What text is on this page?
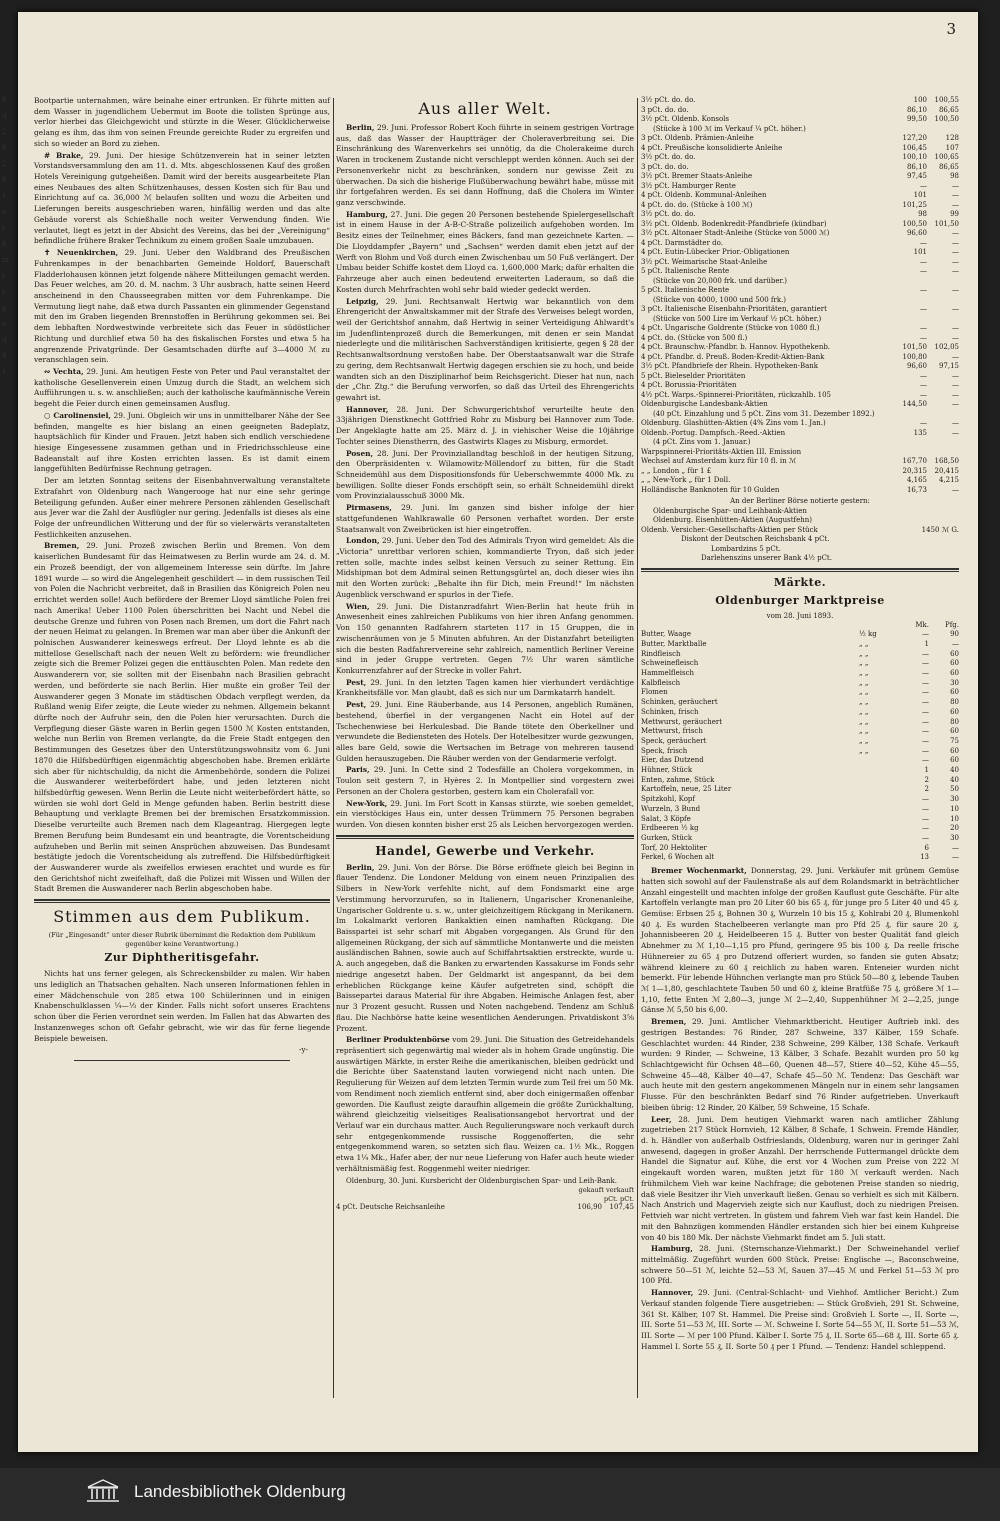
3
8
d
2
8
2
8
1
e
t
h
m
i
r
g
u
d
9
1

Bootpartie unternahmen, wäre beinahe einer ertrunken. Er führte mitten auf dem Wasser in jugendlichem Uebermut im Boote die tollsten Sprünge aus, verlor hierbei das Gleichgewicht und stürzte in die Weser. Glücklicherweise gelang es ihm, das ihm von seinen Freunde gereichte Ruder zu ergreifen und sich so wieder an Bord zu ziehen.

# Brake, 29. Juni. Der hiesige Schützenverein hat in seiner letzten Vorstandsversammlung den am 11. d. Mts. abgeschlossenen Kauf des großen Hotels Vereinigung gutgeheißen. Damit wird der bereits ausgearbeitete Plan eines Neubaues des alten Schützenhauses, dessen Kosten sich für Bau und Einrichtung auf ca. 36,000 ℳ belaufen sollten und wozu die Arbeiten und Lieferungen bereits ausgeschrieben waren, hinfällig werden und das alte Gebäude vorerst als Schießhalle noch weiter Verwendung finden. Wie verlautet, liegt es jetzt in der Absicht des Vereins, das bei der „Vereinigung“ befindliche frühere Braker Technikum zu einem großen Saale umzubauen.

✝ Neuenkirchen, 29. Juni. Ueber den Waldbrand des Preußischen Fuhrenkampes in der benachbarten Gemeinde Holdorf, Bauerschaft Fladderlohausen können jetzt folgende nähere Mitteilungen gemacht werden. Das Feuer welches, am 20. d. M. nachm. 3 Uhr ausbrach, hatte seinen Heerd anscheinend in den Chausseegraben mitten vor dem Fuhrenkampe. Die Vermutung liegt nahe, daß etwa durch Passanten ein glimmender Gegenstand mit den im Graben liegenden Brennstoffen in Berührung gekommen sei. Bei dem lebhaften Nordwestwinde verbreitete sich das Feuer in südöstlicher Richtung und durchlief etwa 50 ha des fiskalischen Forstes und etwa 5 ha angrenzende Privatgründe. Der Gesamtschaden dürfte auf 3—4000 ℳ zu veranschlagen sein.

∾ Vechta, 29. Juni. Am heutigen Feste von Peter und Paul veranstaltet der katholische Gesellenverein einen Umzug durch die Stadt, an welchem sich Aufführungen u. s. w. anschließen; auch der katholische kaufmännische Verein begeht die Feier durch einen gemeinsamen Ausflug.

○ Carolinensiel, 29. Juni. Obgleich wir uns in unmittelbarer Nähe der See befinden, mangelte es hier bislang an einen geeigneten Badeplatz, hauptsächlich für Kinder und Frauen. Jetzt haben sich endlich verschiedene hiesige Eingesessene zusammen gethan und in Friedrichsschleuse eine Badeanstalt auf ihre Kosten errichten lassen. Es ist damit einem langgefühlten Bedürfnisse Rechnung getragen.

Der am letzten Sonntag seitens der Eisenbahnverwaltung veranstaltete Extrafahrt von Oldenburg nach Wangerooge hat nur eine sehr geringe Beteiligung gefunden. Außer einer mehrere Personen zählenden Gesellschaft aus Jever war die Zahl der Ausflügler nur gering. Jedenfalls ist dieses als eine Folge der unfreundlichen Witterung und der für so vielerwärts veranstalteten Festlichkeiten anzusehen.

Bremen, 29. Juni. Prozeß zwischen Berlin und Bremen. Von dem kaiserlichen Bundesamt für das Heimatwesen zu Berlin wurde am 24. d. M. ein Prozeß beendigt, der von allgemeinem Interesse sein dürfte. Im Jahre 1891 wurde — so wird die Angelegenheit geschildert — in dem russischen Teil von Polen die Nachricht verbreitet, daß in Brasilien das Königreich Polen neu errichtet werden solle! Auch befördere der Bremer Lloyd sämtliche Polen frei nach Amerika! Ueber 1100 Polen überschritten bei Nacht und Nebel die deutsche Grenze und fuhren von Posen nach Bremen, um dort die Fahrt nach der neuen Heimat zu gelangen. In Bremen war man aber über die Ankunft der polnischen Auswanderer keineswegs erfreut. Der Lloyd lehnte es ab die mittellose Gesellschaft nach der neuen Welt zu befördern: wie freundlicher zeigte sich die Bremer Polizei gegen die enttäuschten Polen. Man redete den Auswanderern vor, sie sollten mit der Eisenbahn nach Brasilien gebracht werden, und beförderte sie nach Berlin. Hier mußte ein großer Teil der Auswanderer gegen 3 Monate im städtischen Obdach verpflegt werden, da Rußland wenig Eifer zeigte, die Leute wieder zu nehmen. Allgemein bekannt dürfte noch der Aufruhr sein, den die Polen hier verursachten. Durch die Verpflegung dieser Gäste waren in Berlin gegen 1500 ℳ Kosten entstanden, welche nun Berlin von Bremen verlangte, da die Freie Stadt entgegen den Bestimmungen des Gesetzes über den Unterstützungswohnsitz vom 6. Juni 1870 die Hilfsbedürftigen eigenmächtig abgeschoben habe. Bremen erklärte sich aber für nichtschuldig, da nicht die Armenbehörde, sondern die Polizei die Auswanderer weiterbefördert habe, und jeden letzteren nicht hilfsbedürftig gewesen. Wenn Berlin die Leute nicht weiterbefördert hätte, so würden sie wohl dort Geld in Menge gefunden haben. Berlin bestritt diese Behauptung und verklagte Bremen bei der bremischen Ersatzkommission. Dieselbe verurteilte auch Bremen nach dem Klageantrag. Hiergegen legte Bremen Berufung beim Bundesamt ein und beantragte, die Vorentscheidung aufzuheben und Berlin mit seinen Ansprüchen abzuweisen. Das Bundesamt bestätigte jedoch die Vorentscheidung als zutreffend. Die Hilfsbedürftigkeit der Auswanderer wurde als zweifellos erwiesen erachtet und wurde es für den Gerichtshof nicht zweifelhaft, daß die Polizei mit Wissen und Willen der Stadt Bremen die Auswanderer nach Berlin abgeschoben habe.

Stimmen aus dem Publikum.
(Für „Eingesandt“ unter dieser Rubrik übernimmt die Redaktion dem Publikum gegenüber keine Verantwortung.)
Zur Diphtheritisgefahr.

Nichts hat uns ferner gelegen, als Schreckensbilder zu malen. Wir haben uns lediglich an Thatsachen gehalten. Nach unseren Informationen fehlen in einer Mädchenschule von 285 etwa 100 Schülerinnen und in einigen Knabenschulklassen ¼—⅓ der Kinder. Falls nicht sofort unseres Erachtens schon über die Ferien verordnet sein werden. Im Fallen hat das Abwarten des Instanzenweges schon oft Gefahr gebracht, wie wir das für ferne liegende Beispiele beweisen.

-y-
Aus aller Welt.

Berlin, 29. Juni. Professor Robert Koch führte in seinem gestrigen Vortrage aus, daß das Wasser der Hauptträger der Choleraverbreitung sei. Die Einschränkung des Warenverkehrs sei unnötig, da die Cholerakeime durch Waren in trockenem Zustande nicht verschleppt werden können. Auch sei der Personenverkehr nicht zu beschränken, sondern nur gewisse Zeit zu überwachen. Da sich die bisherige Flußüberwachung bewährt habe, müsse mit ihr fortgefahren werden. Es sei dann Hoffnung, daß die Cholera im Winter ganz verschwinde.

Hamburg, 27. Juni. Die gegen 20 Personen bestehende Spielergesellschaft ist in einem Hause in der A-B-C-Straße polizeilich aufgehoben worden. Im Besitz eines der Teilnehmer, eines Bäckers, fand man gezeichnete Karten. — Die Lloyddampfer „Bayern“ und „Sachsen“ werden damit eben jetzt auf der Werft von Blohm und Voß durch einen Zwischenbau um 50 Fuß verlängert. Der Umbau beider Schiffe kostet dem Lloyd ca. 1,600,000 Mark; dafür erhalten die Fahrzeuge aber auch einen bedeutend erweiterten Laderaum, so daß die Kosten durch Mehrfrachten wohl sehr bald wieder gedeckt werden.

Leipzig, 29. Juni. Rechtsanwalt Hertwig war bekanntlich von dem Ehrengericht der Anwaltskammer mit der Strafe des Verweises belegt worden, weil der Gerichtshof annahm, daß Hertwig in seiner Verteidigung Ahlwardt's im Judenflintenprozeß durch die Bemerkungen, mit denen er sein Mandat niederlegte und die militärischen Sachverständigen kritisierte, gegen § 28 der Rechtsanwaltsordnung verstoßen habe. Der Oberstaatsanwalt war die Strafe zu gering, dem Rechtsanwalt Hertwig dagegen erschien sie zu hoch, und beide wandten sich an den Disziplinarhof beim Reichsgericht. Dieser hat nun, nach der „Chr. Ztg.“ die Berufung verworfen, so daß das Urteil des Ehrengerichts gewahrt ist.

Hannover, 28. Juni. Der Schwurgerichtshof verurteilte heute den 33jährigen Dienstknecht Gottfried Rohr zu Misburg bei Hannover zum Tode. Der Angeklagte hatte am 25. März d. J. in viehischer Weise die 10jährige Tochter seines Dienstherrn, des Gastwirts Klages zu Misburg, ermordet.

Posen, 28. Juni. Der Provinziallandtag beschloß in der heutigen Sitzung, den Oberpräsidenten v. Wilamowitz-Möllendorf zu bitten, für die Stadt Schneidemühl aus dem Dispositionsfonds für Ueberschwemmte 4000 Mk. zu bewilligen. Sollte dieser Fonds erschöpft sein, so erhält Schneidemühl direkt vom Provinzialausschuß 3000 Mk.

Pirmasens, 29. Juni. Im ganzen sind bisher infolge der hier stattgefundenen Wahlkrawalle 60 Personen verhaftet worden. Der erste Staatsanwalt von Zweibrücken ist hier eingetroffen.

London, 29. Juni. Ueber den Tod des Admirals Tryon wird gemeldet: Als die „Victoria“ unrettbar verloren schien, kommandierte Tryon, daß sich jeder retten solle, machte indes selbst keinen Versuch zu seiner Rettung. Ein Midshipman bot dem Admiral seinen Rettungsgürtel an, doch dieser wies ihn mit den Worten zurück: „Behalte ihn für Dich, mein Freund!“ Im nächsten Augenblick verschwand er spurlos in der Tiefe.

Wien, 29. Juni. Die Distanzradfahrt Wien-Berlin hat heute früh in Anwesenheit eines zahlreichen Publikums von hier ihren Anfang genommen. Von 150 genannten Radfahrern starteten 117 in 15 Gruppen, die in zwischenräumen von je 5 Minuten abfuhren. An der Distanzfahrt beteiligten sich die besten Radfahrervereine sehr zahlreich, namentlich Berliner Vereine sind in jeder Gruppe vertreten. Gegen 7½ Uhr waren sämtliche Konkurrenzfahrer auf der Strecke in voller Fahrt.

Pest, 29. Juni. In den letzten Tagen kamen hier vierhundert verdächtige Krankheitsfälle vor. Man glaubt, daß es sich nur um Darmkatarrh handelt.

Pest, 29. Juni. Eine Räuberbande, aus 14 Personen, angeblich Rumänen, bestehend, überfiel in der vergangenen Nacht ein Hotel auf der Tschechenwiese bei Herkulesbad. Die Bande tötete den Oberkellner und verwundete die Bediensteten des Hotels. Der Hotelbesitzer wurde gezwungen, alles bare Geld, sowie die Wertsachen im Betrage von mehreren tausend Gulden herauszugeben. Die Räuber werden von der Gendarmerie verfolgt.

Paris, 29. Juni. In Cette sind 2 Todesfälle an Cholera vorgekommen, in Toulon seit gestern 7, in Hyères 2. In Montpellier sind vorgestern zwei Personen an der Cholera gestorben, gestern kam ein Cholerafall vor.

New-York, 29. Juni. Im Fort Scott in Kansas stürzte, wie soeben gemeldet, ein vierstöckiges Haus ein, unter dessen Trümmern 75 Personen begraben wurden. Von diesen konnten bisher erst 25 als Leichen hervorgezogen werden.

Handel, Gewerbe und Verkehr.

Berlin, 29. Juni. Von der Börse. Die Börse eröffnete gleich bei Beginn in flauer Tendenz. Die Londoner Meldung von einem neuen Prinzipalien des Silbers in New-York verfehlte nicht, auf dem Fondsmarkt eine arge Verstimmung hervorzurufen, so in Italienern, Ungarischer Kronenanleihe, Ungarischer Goldrente u. s. w., unter gleichzeitigem Rückgang in Merikanern. Im Lokalmarkt verloren Bankaktien einen namhaften Rückgang. Die Baisspartei ist sehr scharf mit Abgaben vorgegangen. Als Grund für den allgemeinen Rückgang, der sich auf sämmtliche Montanwerte und die meisten ausländischen Bahnen, sowie auch auf Schiffahrtsaktien erstreckte, wurde u. A. auch angegeben, daß die Banken zu erwartenden Kassakurse im Fonds sehr niedrige angesetzt haben. Der Geldmarkt ist angespannt, da bei dem erheblichen Rückgange keine Käufer aufgetreten sind, schöpft die Baissepartei daraus Material für ihre Abgaben. Heimische Anlagen fest, aber nur 3 Prozent gesucht. Russen und Noten nachgebend. Tendenz am Schluß flau. Die Nachbörse hatte keine wesentlichen Aenderungen. Privatdiskont 3⅝ Prozent.

Berliner Produktenbörse vom 29. Juni. Die Situation des Getreidehandels repräsentiert sich gegenwärtig mal wieder als in hohem Grade ungünstig. Die auswärtigen Märkte, in erster Reihe die amerikanischen, bleiben gedrückt und die Berichte über Saatenstand lauten vorwiegend nicht nach unten. Die Regulierung für Weizen auf dem letzten Termin wurde zum Teil frei um 50 Mk. vom Rendiment noch ziemlich entfernt sind, aber doch einigermaßen offenbar geworden. Die Kauflust zeigte daraufhin allgemein die größte Zurückhaltung, während gleichzeitig vielseitiges Realisationsangebot hervortrat und der Verlauf war ein durchaus matter. Auch Regulierungsware noch verkauft durch sehr entgegenkommende russische Roggenofferten, die sehr entgegenkommend waren, so setzten sich flau. Weizen ca. 1½ Mk., Roggen etwa 1¼ Mk., Hafer aber, der nur neue Lieferung von Hafer auch heute wieder verhältnismäßig fest. Roggenmehl weiter niedriger.

Oldenburg, 30. Juni. Kursbericht der Oldenburgischen Spar- und Leih-Bank.
gekauft verkauft
pCt. pCt.
4 pCt. Deutsche Reichsanleihe	106,90	107,45
3½ pCt. do. do.	100	100,55
3 pCt. do. do.	86,10	86,65
3½ pCt. Oldenb. Konsols	99,50	100,50
(Stücke à 100 ℳ im Verkauf ¼ pCt. höher.)		
3 pCt. Oldenb. Prämien-Anleihe	127,20	128
4 pCt. Preußische konsolidierte Anleihe	106,45	107
3½ pCt. do. do.	100,10	100,65
3 pCt. do. do.	86,10	86,65
3½ pCt. Bremer Staats-Anleihe	97,45	98
3½ pCt. Hamburger Rente	—	—
4 pCt. Oldenb. Kommunal-Anleihen	101	—
4 pCt. do. do. (Stücke à 100 ℳ)	101,25	—
3½ pCt. do. do.	98	99
3½ pCt. Oldenb. Bodenkredit-Pfandbriefe (kündbar)	100,50	101,50
3½ pCt. Altonaer Stadt-Anleihe (Stücke von 5000 ℳ)	96,60	—
4 pCt. Darmstädter do.	—	—
4 pCt. Eutin-Lübecker Prior.-Obligationen	101	—
3½ pCt. Weimarische Staat-Anleihe	—	—
5 pCt. Italienische Rente	—	—
(Stücke von 20,000 frk. und darüber.)		
5 pCt. Italienische Rente	—	—
(Stücke von 4000, 1000 und 500 frk.)		
3 pCt. Italienische Eisenbahn-Prioritäten, garantiert	—	—
(Stücke von 500 Lire im Verkauf ½ pCt. höher.)		
4 pCt. Ungarische Goldrente (Stücke von 1080 fl.)	—	—
4 pCt. do. (Stücke von 500 fl.)	—	—
4 pCt. Braunschw.-Pfandbr. b. Hannov. Hypothekenb.	101,50	102,05
4 pCt. Pfandbr. d. Preuß. Boden-Kredit-Aktien-Bank	100,80	—
3½ pCt. Pfandbriefe der Rhein. Hypotheken-Bank	96,60	97,15
5 pCt. Bieleselder Prioritäten	—	—
4 pCt. Borussia-Prioritäten	—	—
4½ pCt. Warps.-Spinnerei-Prioritäten, rückzahlb. 105	—	—
Oldenburgische Landesbank-Aktien	144,50	—
(40 pCt. Einzahlung und 5 pCt. Zins vom 31. Dezember 1892.)		
Oldenburg. Glashütten-Aktien (4% Zins vom 1. Jan.)	—	—
Oldenb.-Portug. Dampfsch.-Reed.-Aktien	135	—
(4 pCt. Zins vom 1. Januar.)		
Warpspinnerei-Prioritäts-Aktien III. Emission		
Wechsel auf Amsterdam kurz für 10 fl. in ℳ	167,70	168,50
„ „ London „ für 1 £	20,315	20,415
„ „ New-York „ für 1 Doll.	4,165	4,215
Holländische Banknoten für 10 Gulden	16,73	—
An der Berliner Börse notierte gestern:
Oldenburgische Spar- und Leihbank-Aktien
Oldenburg. Eisenhütten-Aktien (Augustfehn)
Oldenb. Versicher.-Gesellschafts-Aktien per Stück	1450 ℳ G.
Diskont der Deutschen Reichsbank 4 pCt.
Lombardzins 5 pCt.
Darlehenszins unserer Bank 4½ pCt.
Märkte.
Oldenburger Marktpreise
vom 28. Juni 1893.
		Mk.	Pfg.
Butter, Waage	½ kg	—	90
Butter, Marktballe	„ „	1	—
Rindfleisch	„ „	—	60
Schweinefleisch	„ „	—	60
Hammelfleisch	„ „	—	60
Kalbfleisch	„ „	—	30
Flomen	„ „	—	60
Schinken, geräuchert	„ „	—	80
Schinken, frisch	„ „	—	60
Mettwurst, geräuchert	„ „	—	80
Mettwurst, frisch	„ „	—	60
Speck, geräuchert	„ „	—	75
Speck, frisch	„ „	—	60
Eier, das Dutzend		—	60
Hühner, Stück		1	40
Enten, zahme, Stück		2	40
Kartoffeln, neue, 25 Liter		2	50
Spitzkohl, Kopf		—	30
Wurzeln, 3 Bund		—	10
Salat, 3 Köpfe		—	10
Erdbeeren ½ kg		—	20
Gurken, Stück		—	30
Torf, 20 Hektoliter		6	—
Ferkel, 6 Wochen alt		13	—

Bremer Wochenmarkt, Donnerstag, 29. Juni. Verkäufer mit grünem Gemüse hatten sich sowohl auf der Faulenstraße als auf dem Rolandsmarkt in beträchtlicher Anzahl eingestellt und machten infolge der großen Kauflust gute Geschäfte. Für alte Kartoffeln verlangte man pro 20 Liter 60 bis 65 ₰, für junge pro 5 Liter 40 und 45 ₰. Gemüse: Erbsen 25 ₰, Bohnen 30 ₰, Wurzeln 10 bis 15 ₰, Kohlrabi 20 ₰, Blumenkohl 40 ₰. Es wurden Stachelbeeren verlangte man pro Pfd 25 ₰, für saure 20 ₰, Johannisbeeren 20 ₰, Heidelbeeren 15 ₰. Butter von bester Qualität fand gleich Abnehmer zu ℳ 1,10—1,15 pro Pfund, geringere 95 bis 100 ₰. Da reelle frische Hühnereier zu 65 ₰ pro Dutzend offeriert wurden, so fanden sie guten Absatz; während kleinere zu 60 ₰ reichlich zu haben waren. Enteneier wurden nicht bemerkt. Für lebende Hühnchen verlangte man pro Stück 50—80 ₰, lebende Tauben ℳ 1—1,80, geschlachtete Tauben 50 und 60 ₰, kleine Bratfüße 75 ₰, größere ℳ 1—1,10, fette Enten ℳ 2,80—3, junge ℳ 2—2,40, Suppenhühner ℳ 2—2,25, junge Gänse ℳ 5,50 bis 6,00.

Bremen, 29. Juni. Amtlicher Viehmarktbericht. Heutiger Auftrieb inkl. des gestrigen Bestandes: 76 Rinder, 287 Schweine, 337 Kälber, 159 Schafe. Geschlachtet wurden: 44 Rinder, 238 Schweine, 299 Kälber, 138 Schafe. Verkauft wurden: 9 Rinder, — Schweine, 13 Kälber, 3 Schafe. Bezahlt wurden pro 50 kg Schlachtgewicht für Ochsen 48—60, Quenen 48—57, Stiere 40—52, Kühe 45—55, Schweine 45—48, Kälber 40—47, Schafe 45—50 ℳ. Tendenz: Das Geschäft war auch heute mit den gestern angekommenen Mängeln nur in einem sehr langsamen Flusse. Für den beschränkten Bedarf sind 76 Rinder aufgetrieben. Unverkauft bleiben übrig: 12 Rinder, 20 Kälber, 59 Schweine, 15 Schafe.

Leer, 28. Juni. Dem heutigen Viehmarkt waren nach amtlicher Zählung zugetrieben 217 Stück Hornvieh, 12 Kälber, 8 Schafe, 1 Schwein. Fremde Händler, d. h. Händler von außerhalb Ostfrieslands, Oldenburg, waren nur in geringer Zahl anwesend, dagegen in großer Anzahl. Der herrschende Futtermangel drückte dem Handel die Signatur auf. Kühe, die erst vor 4 Wochen zum Preise von 222 ℳ eingekauft worden waren, mußten jetzt für 180 ℳ verkauft werden. Nach frühmilchem Vieh war keine Nachfrage; die gebotenen Preise standen so niedrig, daß viele Besitzer ihr Vieh unverkauft ließen. Genau so verhielt es sich mit Kälbern. Nach Anstrich und Magervieh zeigte sich nur Kauflust, doch zu niedrigen Preisen. Fettvieh war nicht vertreten. In güstem und fahrem Vieh war fast kein Handel. Die mit den Bahnzügen kommenden Händler erstanden sich hier bei einem Kuhpreise von 40 bis 180 Mk. Der nächste Viehmarkt findet am 5. Juli statt.

Hamburg, 28. Juni. (Sternschanze-Viehmarkt.) Der Schweinehandel verlief mittelmäßig. Zugeführt wurden 600 Stück. Preise: Englische —, Baconschweine, schwere 50—51 ℳ, leichte 52—53 ℳ, Sauen 37—45 ℳ und Ferkel 51—53 ℳ pro 100 Pfd.

Hannover, 29. Juni. (Central-Schlacht- und Viehhof. Amtlicher Bericht.) Zum Verkauf standen folgende Tiere ausgetrieben: — Stück Großvieh, 291 St. Schweine, 361 St. Kälber, 107 St. Hammel. Die Preise sind: Großvieh I. Sorte —, II. Sorte —, III. Sorte 51—53 ℳ, III. Sorte — ℳ. Schweine I. Sorte 54—55 ℳ, II. Sorte 51—53 ℳ, III. Sorte — ℳ per 100 Pfund. Kälber I. Sorte 75 ₰, II. Sorte 65—68 ₰, III. Sorte 65 ₰. Hammel I. Sorte 55 ₰, II. Sorte 50 ₰ per 1 Pfund. — Tendenz: Handel schleppend.

Landesbibliothek Oldenburg
